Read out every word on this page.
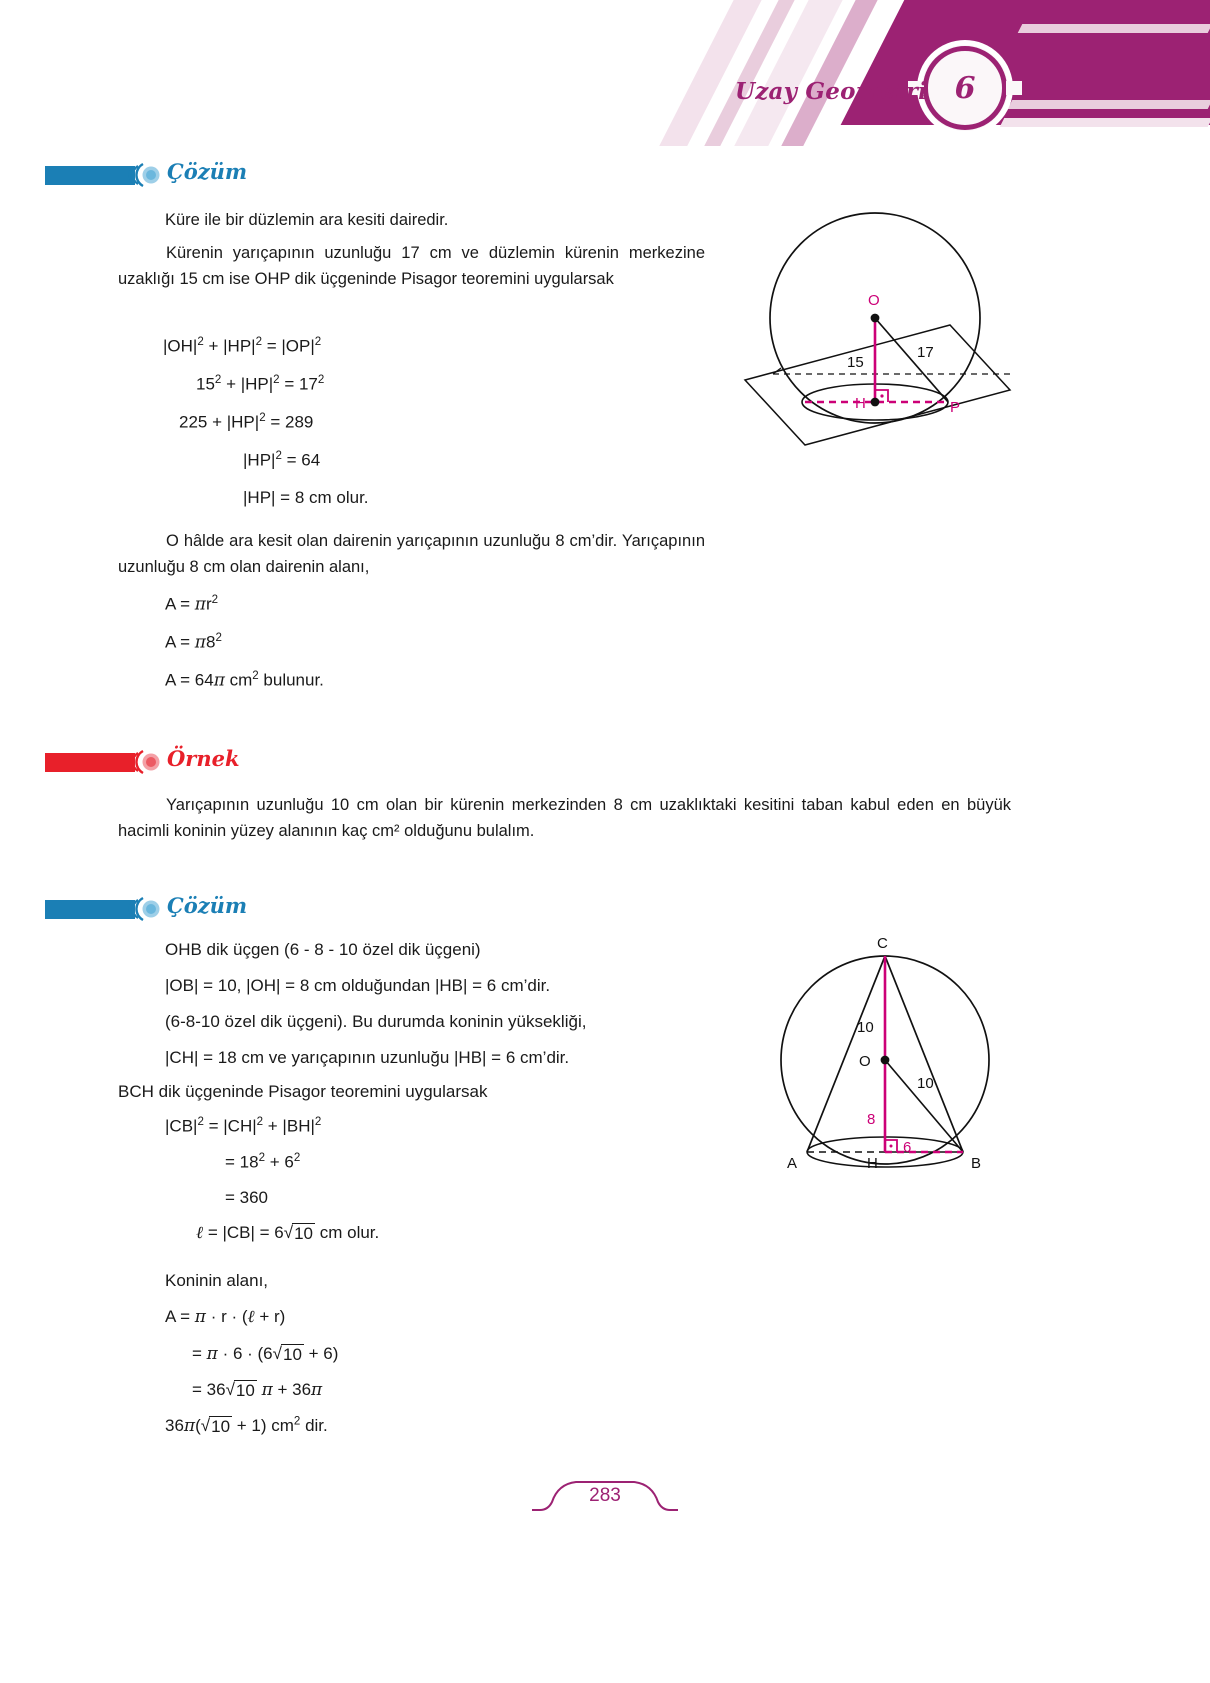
6
Uzay Geometri
Çözüm
Küre ile bir düzlemin ara kesiti dairedir.
Kürenin yarıçapının uzunluğu 17 cm ve düzlemin kürenin merkezine uzaklığı 15 cm ise OHP dik üçgeninde Pisagor teoremini uygularsak
$|OH|^2 + |HP|^2 = |OP|^2$
$15^2 + |HP|^2 = 17^2$
$225 + |HP|^2 = 289$
$|HP|^2 = 64$
|HP| = 8 cm olur.
O hâlde ara kesit olan dairenin yarıçapının uzunluğu 8 cm’dir. Yarıçapının uzunluğu 8 cm olan dairenin alanı,
$A = \pi r^2$
$A = \pi 8^2$
A = 64π $cm^2$ bulunur.
O
H	P
15
17
Örnek
Yarıçapının uzunluğu 10 cm olan bir kürenin merkezinden 8 cm uzaklıktaki kesitini taban kabul eden en büyük hacimli koninin yüzey alanının kaç cm² olduğunu bulalım.
Çözüm
OHB dik üçgen (6 - 8 - 10 özel dik üçgeni)
|OB| = 10, |OH| = 8 cm olduğundan |HB| = 6 cm’dir.
(6-8-10 özel dik üçgeni). Bu durumda koninin yüksekliği,
|CH| = 18 cm ve yarıçapının uzunluğu |HB| = 6 cm’dir.
BCH dik üçgeninde Pisagor teoremini uygularsak
$|CB|^2 = |CH|^2 + |BH|^2$
= $18^2 + 6^2$
= 360
ℓ = |CB| = 6√10 cm olur.
Koninin alanı,
A = π · r · (ℓ + r)
= π · 6 · (6√10 + 6)
= 36√10 π + 36π
36π(√10 + 1) $cm^2$ dir.
C
O
H
A	B
10
10
8
6
283
